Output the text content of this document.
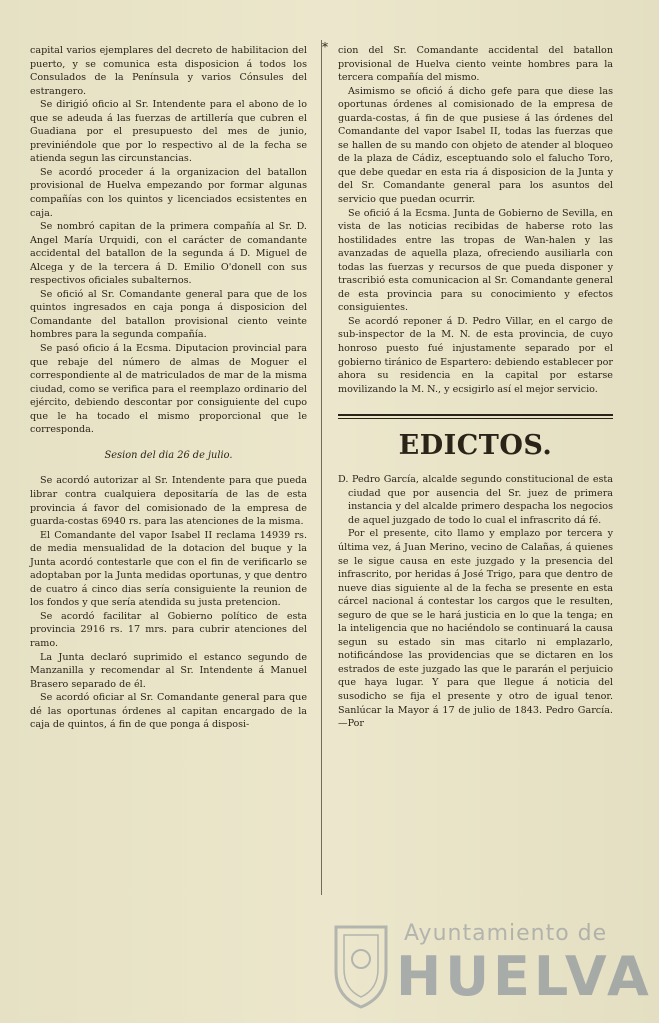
*

capital varios ejemplares del decreto de habilitacion del puerto, y se comunica esta disposicion á todos los Consulados de la Península y varios Cónsules del estrangero.

Se dirigió oficio al Sr. Intendente para el abono de lo que se adeuda á las fuerzas de artillería que cubren el Guadiana por el presupuesto del mes de junio, previniéndole que por lo respectivo al de la fecha se atienda segun las circunstancias.

Se acordó proceder á la organizacion del batallon provisional de Huelva empezando por formar algunas compañías con los quintos y licenciados ecsistentes en caja.

Se nombró capitan de la primera compañía al Sr. D. Angel María Urquidi, con el carácter de comandante accidental del batallon de la segunda á D. Miguel de Alcega y de la tercera á D. Emilio O'donell con sus respectivos oficiales subalternos.

Se ofició al Sr. Comandante general para que de los quintos ingresados en caja ponga á disposicion del Comandante del batallon provisional ciento veinte hombres para la segunda compañía.

Se pasó oficio á la Ecsma. Diputacion provincial para que rebaje del número de almas de Moguer el correspondiente al de matriculados de mar de la misma ciudad, como se verifica para el reemplazo ordinario del ejército, debiendo descontar por consiguiente del cupo que le ha tocado el mismo proporcional que le corresponda.

Sesion del dia 26 de julio.

Se acordó autorizar al Sr. Intendente para que pueda librar contra cualquiera depositaría de las de esta provincia á favor del comisionado de la empresa de guarda-costas 6940 rs. para las atenciones de la misma.

El Comandante del vapor Isabel II reclama 14939 rs. de media mensualidad de la dotacion del buque y la Junta acordó contestarle que con el fin de verificarlo se adoptaban por la Junta medidas oportunas, y que dentro de cuatro á cinco dias sería consiguiente la reunion de los fondos y que sería atendida su justa pretencion.

Se acordó facilitar al Gobierno político de esta provincia 2916 rs. 17 mrs. para cubrir atenciones del ramo.

La Junta declaró suprimido el estanco segundo de Manzanilla y recomendar al Sr. Intendente á Manuel Brasero separado de él.

Se acordó oficiar al Sr. Comandante general para que dé las oportunas órdenes al capitan encargado de la caja de quintos, á fin de que ponga á disposi-

cion del Sr. Comandante accidental del batallon provisional de Huelva ciento veinte hombres para la tercera compañía del mismo.

Asimismo se ofició á dicho gefe para que diese las oportunas órdenes al comisionado de la empresa de guarda-costas, á fin de que pusiese á las órdenes del Comandante del vapor Isabel II, todas las fuerzas que se hallen de su mando con objeto de atender al bloqueo de la plaza de Cádiz, esceptuando solo el falucho Toro, que debe quedar en esta ria á disposicion de la Junta y del Sr. Comandante general para los asuntos del servicio que puedan ocurrir.

Se ofició á la Ecsma. Junta de Gobierno de Sevilla, en vista de las noticias recibidas de haberse roto las hostilidades entre las tropas de Wan-halen y las avanzadas de aquella plaza, ofreciendo ausiliarla con todas las fuerzas y recursos de que pueda disponer y trascribió esta comunicacion al Sr. Comandante general de esta provincia para su conocimiento y efectos consiguientes.

Se acordó reponer á D. Pedro Villar, en el cargo de sub-inspector de la M. N. de esta provincia, de cuyo honroso puesto fué injustamente separado por el gobierno tiránico de Espartero: debiendo establecer por ahora su residencia en la capital por estarse movilizando la M. N., y ecsigirlo así el mejor servicio.

EDICTOS.

D. Pedro García, alcalde segundo constitucional de esta ciudad que por ausencia del Sr. juez de primera instancia y del alcalde primero despacha los negocios de aquel juzgado de todo lo cual el infrascrito dá fé.

Por el presente, cito llamo y emplazo por tercera y última vez, á Juan Merino, vecino de Calañas, á quienes se le sigue causa en este juzgado y la presencia del infrascrito, por heridas á José Trigo, para que dentro de nueve dias siguiente al de la fecha se presente en esta cárcel nacional á contestar los cargos que le resulten, seguro de que se le hará justicia en lo que la tenga; en la inteligencia que no haciéndolo se continuará la causa segun su estado sin mas citarlo ni emplazarlo, notificándose las providencias que se dictaren en los estrados de este juzgado las que le pararán el perjuicio que haya lugar. Y para que llegue á noticia del susodicho se fija el presente y otro de igual tenor. Sanlúcar la Mayor á 17 de julio de 1843. Pedro García.—Por

Ayuntamiento de
HUELVA
